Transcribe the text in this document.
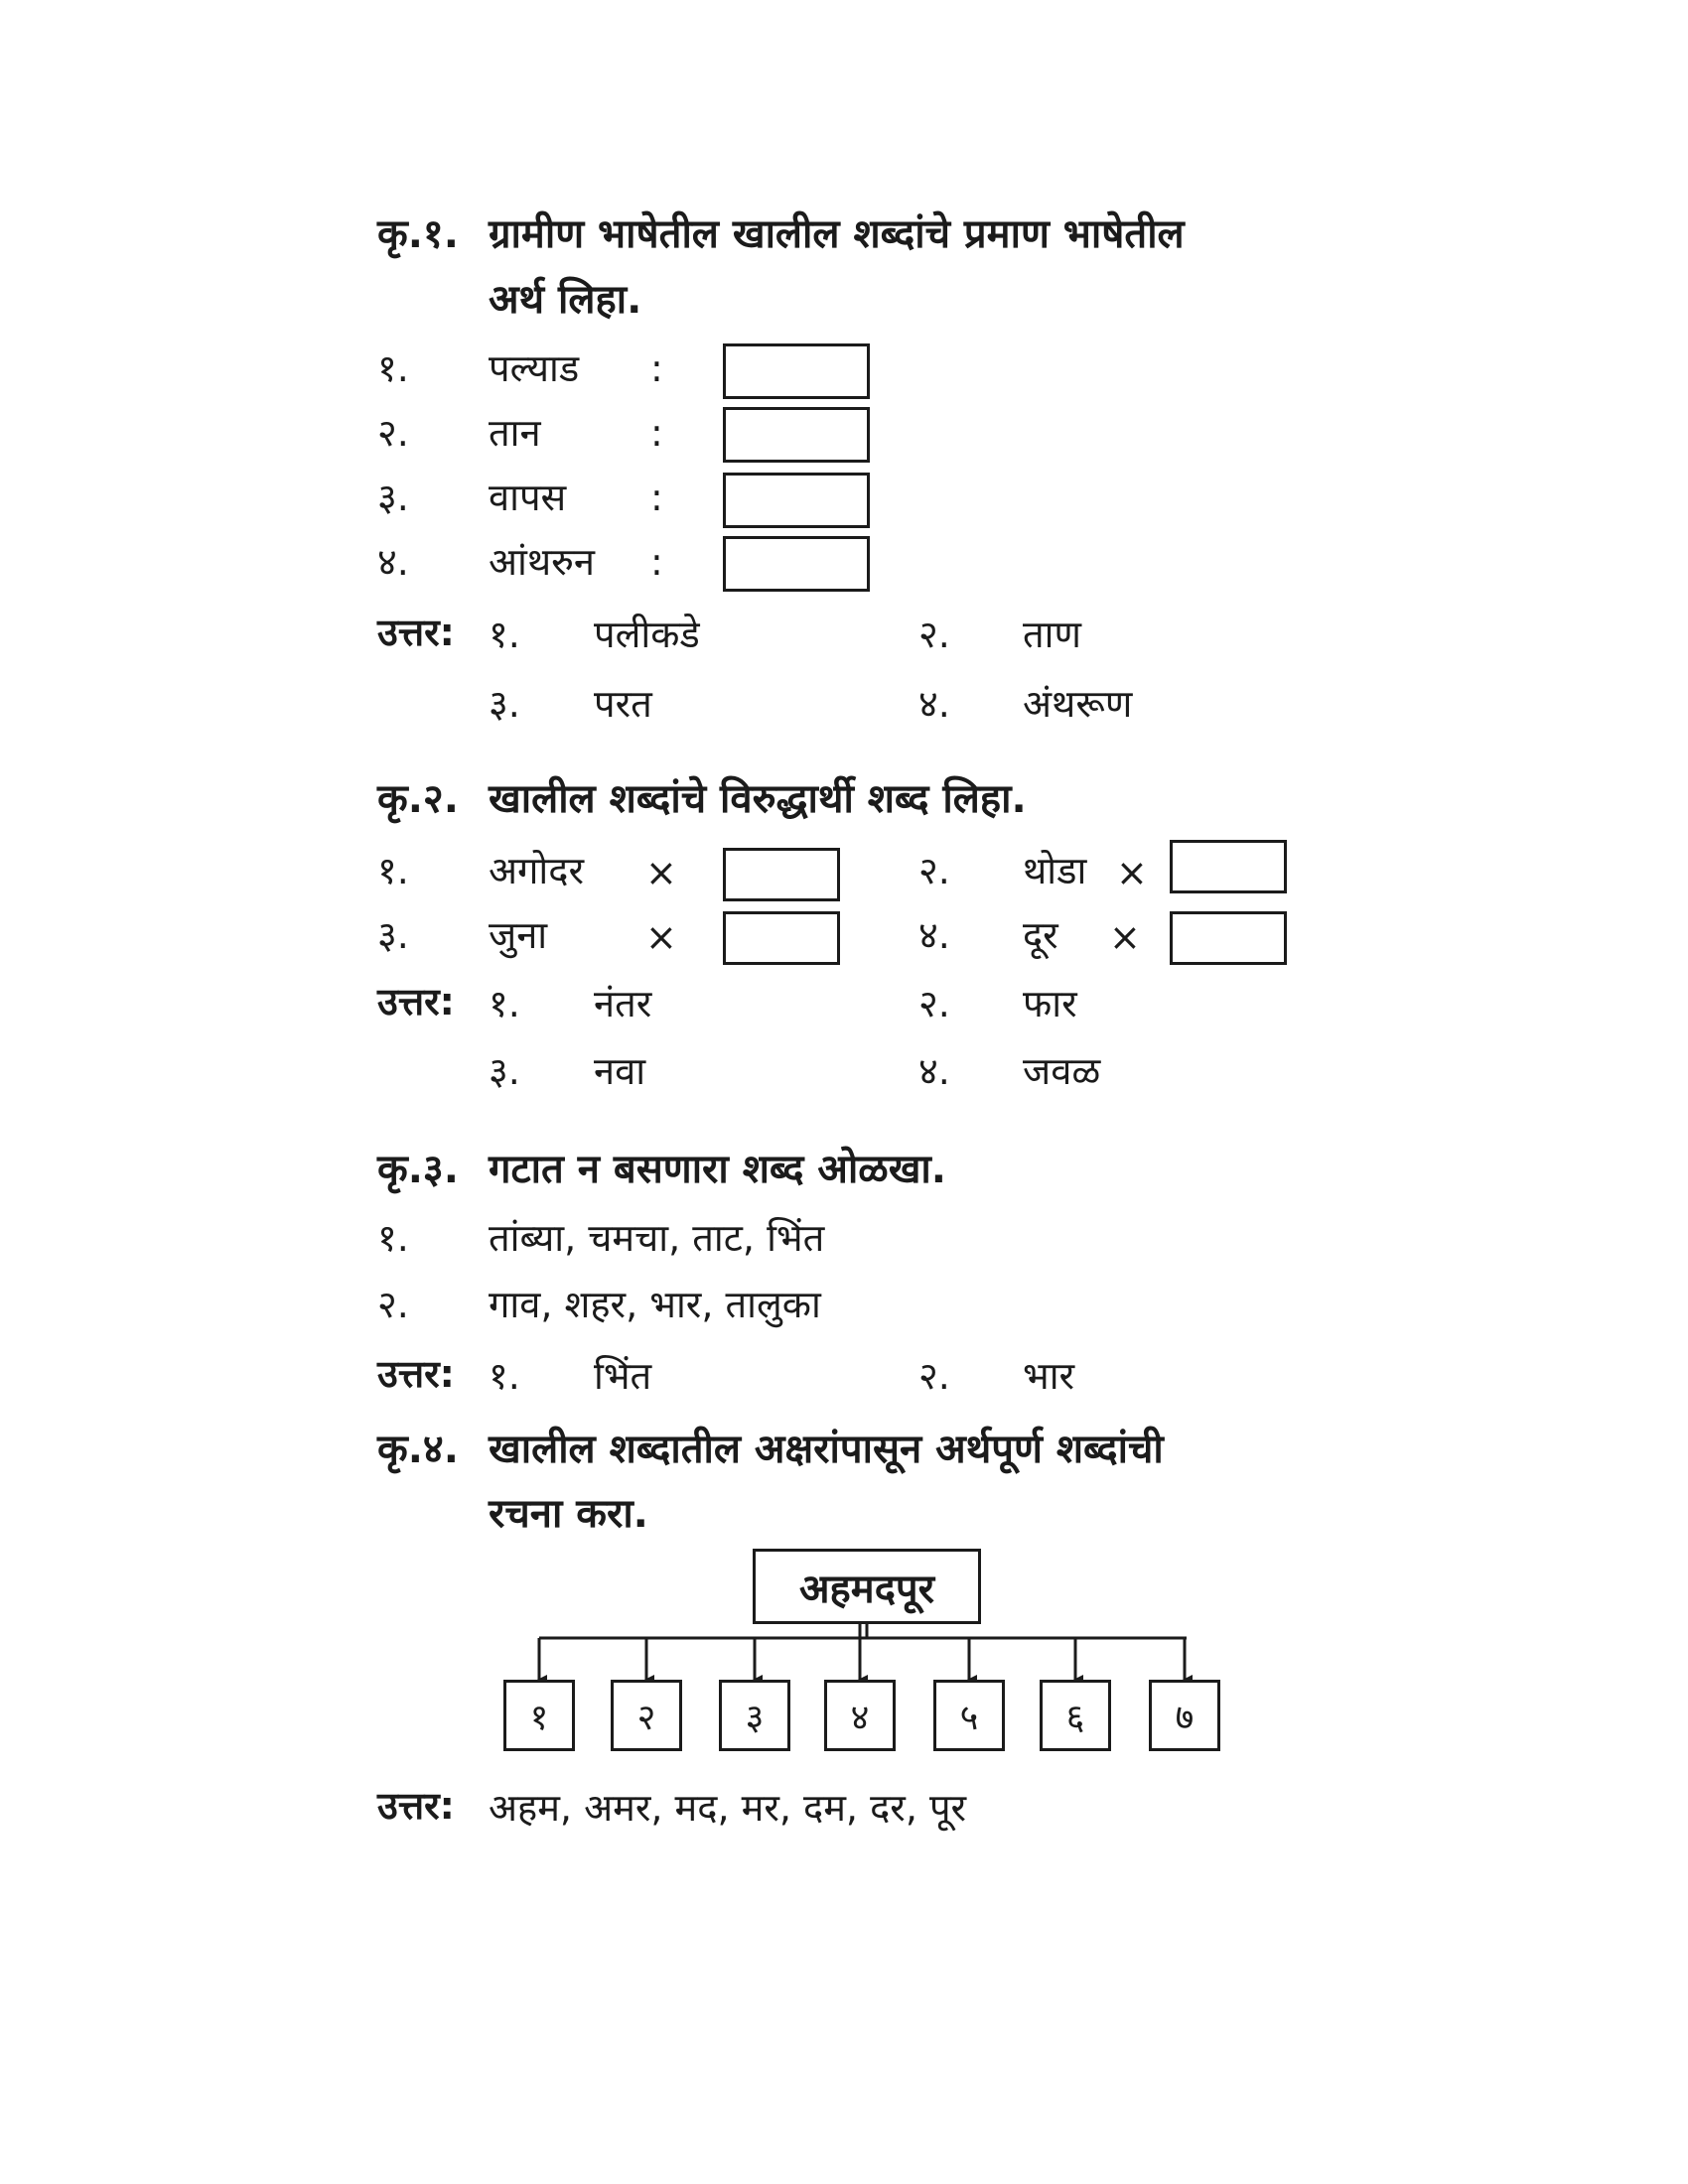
कृ.१. ग्रामीण भाषेतील खालील शब्दांचे प्रमाण भाषेतील
अर्थ लिहा.
१. पल्याड :
२. तान	:
३. वापस :
४. आंथरुन :
उत्तर: १. पलीकडे	२. ताण
३. परत	४. अंथरूण
कृ.२. खालील शब्दांचे विरुद्धार्थी शब्द लिहा.
१. अगोदर ×	२. थोडा ×
३. जुना	×	४. दूर ×
उत्तर: १. नंतर	२. फार
३. नवा	४. जवळ
कृ.३. गटात न बसणारा शब्द ओळखा.
१. तांब्या, चमचा, ताट, भिंत
२. गाव, शहर, भार, तालुका
उत्तर: १. भिंत	२. भार
कृ.४. खालील शब्दातील अक्षरांपासून अर्थपूर्ण शब्दांची
रचना करा.
अहमदपूर
१	२	३	४	५	६	७
उत्तर: अहम, अमर, मद, मर, दम, दर, पूर
